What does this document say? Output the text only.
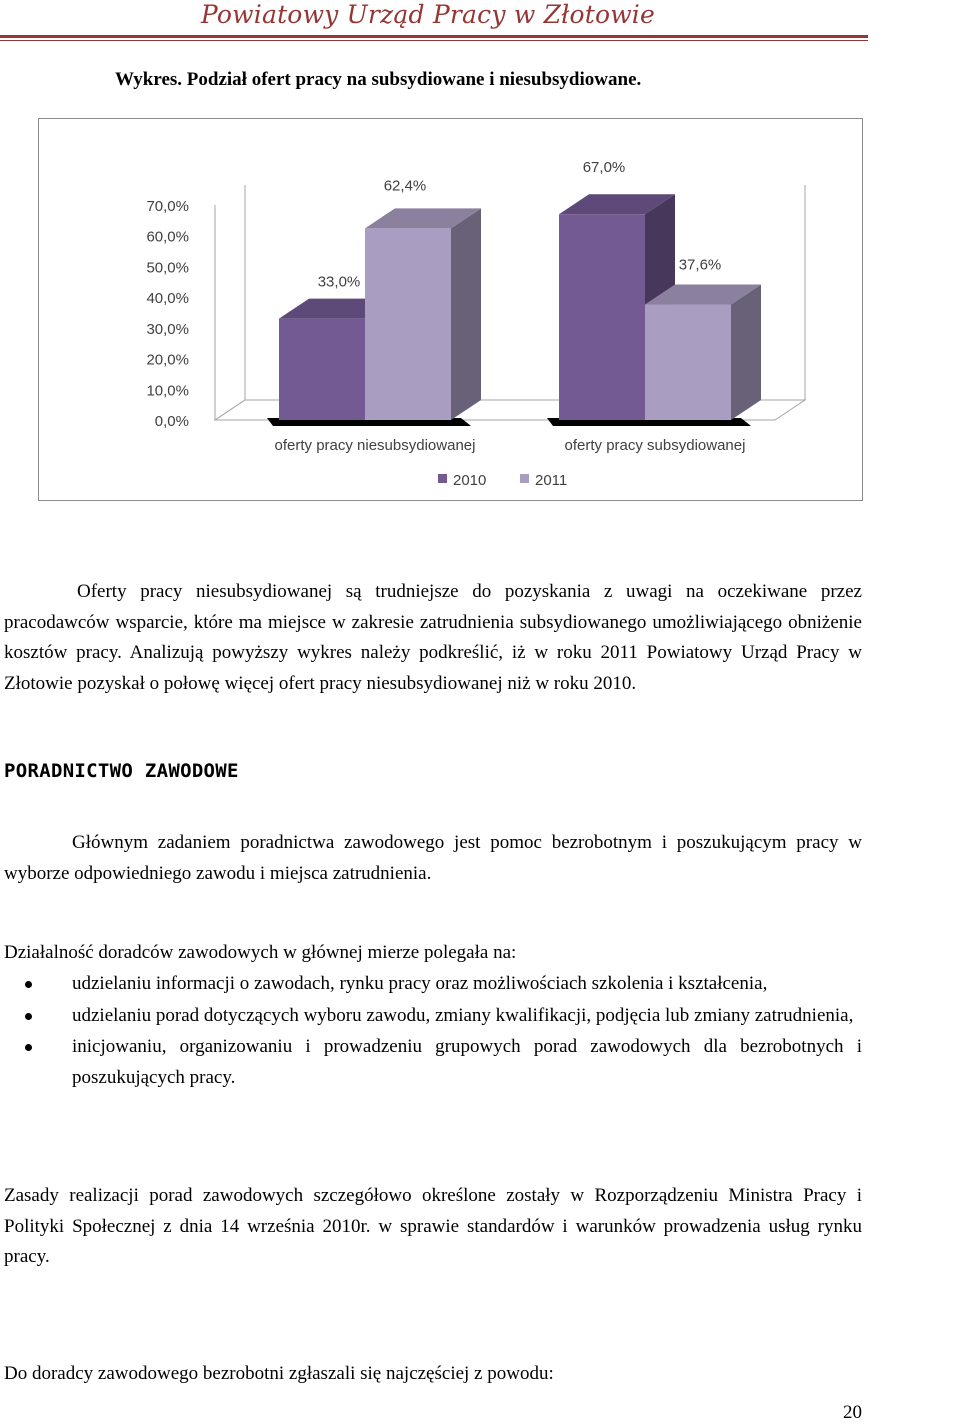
Powiatowy Urząd Pracy w Złotowie
Wykres. Podział ofert pracy na subsydiowane i niesubsydiowane.
0,0%
10,0%
20,0%
30,0%
40,0%
50,0%
60,0%
70,0%
33,0%
62,4%
oferty pracy niesubsydiowanej
67,0%
37,6%
oferty pracy subsydiowanej
2010	2011

Oferty pracy niesubsydiowanej są trudniejsze do pozyskania z uwagi na oczekiwane przez pracodawców wsparcie, które ma miejsce w zakresie zatrudnienia subsydiowanego umożliwiającego obniżenie kosztów pracy. Analizują powyższy wykres należy podkreślić, iż w roku 2011 Powiatowy Urząd Pracy w Złotowie pozyskał o połowę więcej ofert pracy niesubsydiowanej niż w roku 2010.

PORADNICTWO ZAWODOWE

Głównym zadaniem poradnictwa zawodowego jest pomoc bezrobotnym i poszukującym pracy w wyborze odpowiedniego zawodu i miejsca zatrudnienia.

Działalność doradców zawodowych w głównej mierze polegała na:

udzielaniu informacji o zawodach, rynku pracy oraz możliwościach szkolenia i kształcenia,
udzielaniu porad dotyczących wyboru zawodu, zmiany kwalifikacji, podjęcia lub zmiany zatrudnienia,
inicjowaniu, organizowaniu i prowadzeniu grupowych porad zawodowych dla bezrobotnych i poszukujących pracy.

Zasady realizacji porad zawodowych szczegółowo określone zostały w Rozporządzeniu Ministra Pracy i Polityki Społecznej z dnia 14 września 2010r. w sprawie standardów i warunków prowadzenia usług rynku pracy.

Do doradcy zawodowego bezrobotni zgłaszali się najczęściej z powodu:

20
